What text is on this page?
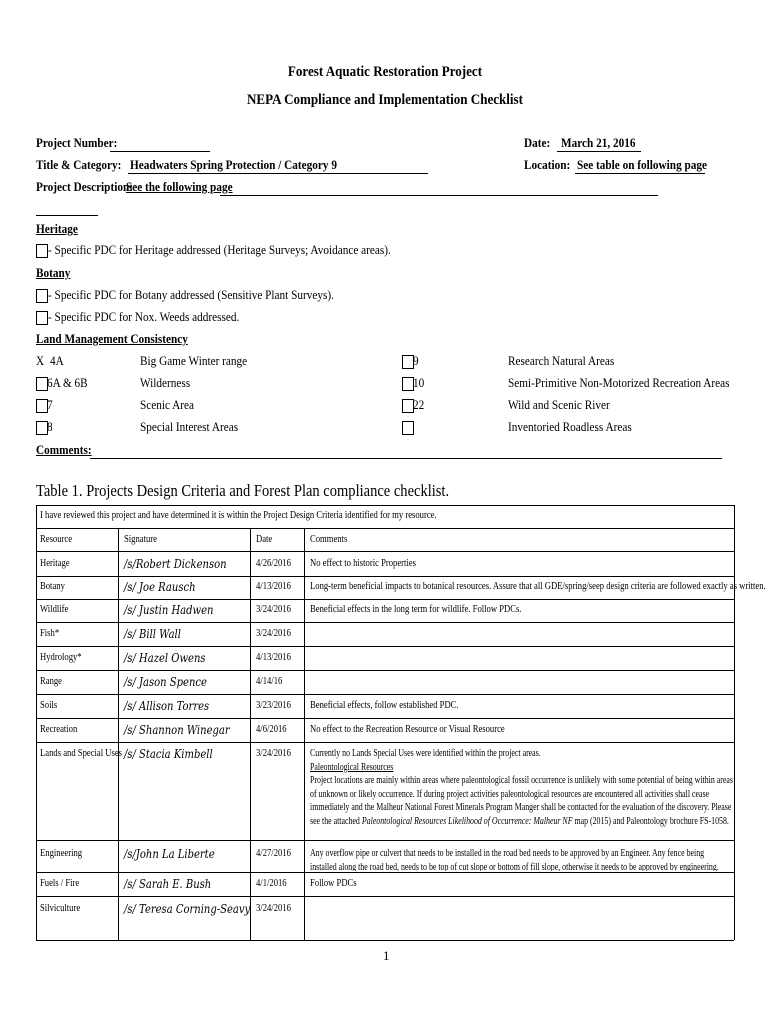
Forest Aquatic Restoration Project
NEPA Compliance and Implementation Checklist
Project Number:	Date: March 21, 2016
Title & Category: Headwaters Spring Protection / Category 9	Location: See table on following page
Project Description:
See the following page
Heritage
- Specific PDC for Heritage addressed (Heritage Surveys; Avoidance areas).
Botany
- Specific PDC for Botany addressed (Sensitive Plant Surveys).
- Specific PDC for Nox. Weeds addressed.
Land Management Consistency
X 4A	Big Game Winter range
6A & 6B	Wilderness
7	Scenic Area
8	Special Interest Areas
9	Research Natural Areas
10	Semi-Primitive Non-Motorized Recreation Areas
22	Wild and Scenic River
Inventoried Roadless Areas
Comments:
Table 1. Projects Design Criteria and Forest Plan compliance checklist.
I have reviewed this project and have determined it is within the Project Design Criteria identified for my resource.
Resource	Signature	Date	Comments
Heritage	/s/Robert Dickenson	4/26/2016 No effect to historic Properties
Botany	/s/ Joe Rausch	4/13/2016 Long-term beneficial impacts to botanical resources. Assure that all GDE/spring/seep design criteria are followed exactly as written.
Wildlife	/s/ Justin Hadwen	3/24/2016 Beneficial effects in the long term for wildlife. Follow PDCs.
Fish*	/s/ Bill Wall	3/24/2016
Hydrology*	/s/ Hazel Owens	4/13/2016
Range	/s/ Jason Spence	4/14/16
Soils	/s/ Allison Torres	3/23/2016 Beneficial effects, follow established PDC.
Recreation	/s/ Shannon Winegar	4/6/2016 No effect to the Recreation Resource or Visual Resource
Lands and Special Uses /s/ Stacia Kimbell	3/24/2016 Currently no Lands Special Uses were identified within the project areas.
Paleontological Resources
Project locations are mainly within areas where paleontological fossil occurrence is unlikely with some potential of being within areas
of unknown or likely occurrence. If during project activities paleontological resources are encountered all activities shall cease
immediately and the Malheur National Forest Minerals Program Manger shall be contacted for the evaluation of the discovery. Please
see the attached Paleontological Resources Likelihood of Occurrence: Malheur NF map (2015) and Paleontology brochure FS-1058.
Engineering	/s/John La Liberte	4/27/2016 Any overflow pipe or culvert that needs to be installed in the road bed needs to be approved by an Engineer. Any fence being
installed along the road bed, needs to be top of cut slope or bottom of fill slope, otherwise it needs to be approved by engineering.
Fuels / Fire	/s/ Sarah E. Bush	4/1/2016 Follow PDCs
Silviculture	/s/ Teresa Corning-Seavy 3/24/2016
1
